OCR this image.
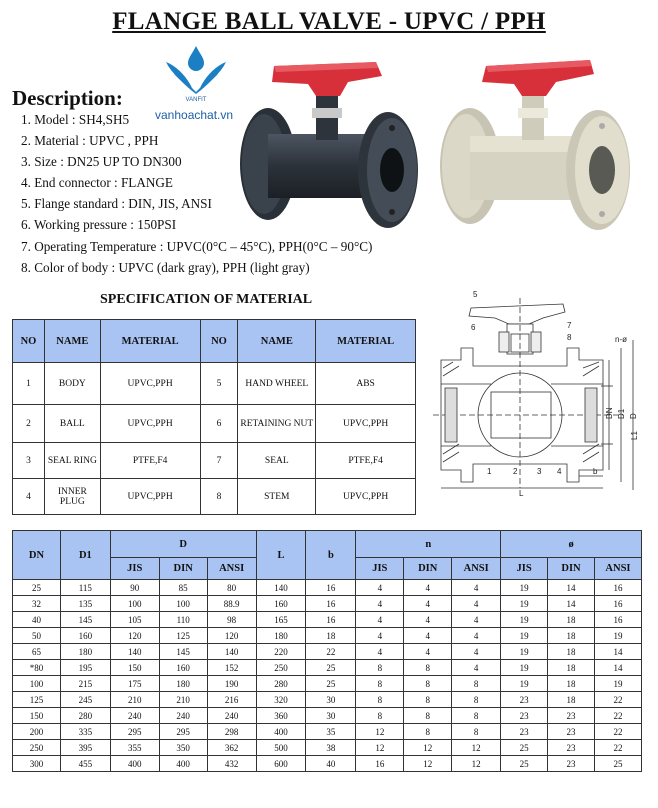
FLANGE BALL VALVE - UPVC / PPH
VANFIT
vanhoachat.vn
Description:
1. Model : SH4,SH5
2. Material : UPVC , PPH
3. Size : DN25 UP TO DN300
4. End connector : FLANGE
5. Flange standard : DIN, JIS, ANSI
6. Working pressure : 150PSI
7. Operating Temperature : UPVC(0°C – 45°C), PPH(0°C – 90°C)
8. Color of body : UPVC (dark gray), PPH (light gray)
SPECIFICATION OF MATERIAL
NO	NAME	MATERIAL	NO	NAME	MATERIAL
1	BODY	UPVC,PPH	5	HAND WHEEL	ABS
2	BALL	UPVC,PPH	6	RETAINING NUT	UPVC,PPH
3	SEAL RING	PTFE,F4	7	SEAL	PTFE,F4
4	INNER PLUG	UPVC,PPH	8	STEM	UPVC,PPH
5
6	7
8	n-ø
DN D1 D
L1
b
L
1	2 3 4
DN	D1	D			L	b	n			ø		
		JIS	DIN	ANSI			JIS	DIN	ANSI	JIS	DIN	ANSI
25	115	90	85	80	140	16	4	4	4	19	14	16
32	135	100	100	88.9	160	16	4	4	4	19	14	16
40	145	105	110	98	165	16	4	4	4	19	18	16
50	160	120	125	120	180	18	4	4	4	19	18	19
65	180	140	145	140	220	22	4	4	4	19	18	14
*80	195	150	160	152	250	25	8	8	4	19	18	14
100	215	175	180	190	280	25	8	8	8	19	18	19
125	245	210	210	216	320	30	8	8	8	23	18	22
150	280	240	240	240	360	30	8	8	8	23	23	22
200	335	295	295	298	400	35	12	8	8	23	23	22
250	395	355	350	362	500	38	12	12	12	25	23	22
300	455	400	400	432	600	40	16	12	12	25	23	25
